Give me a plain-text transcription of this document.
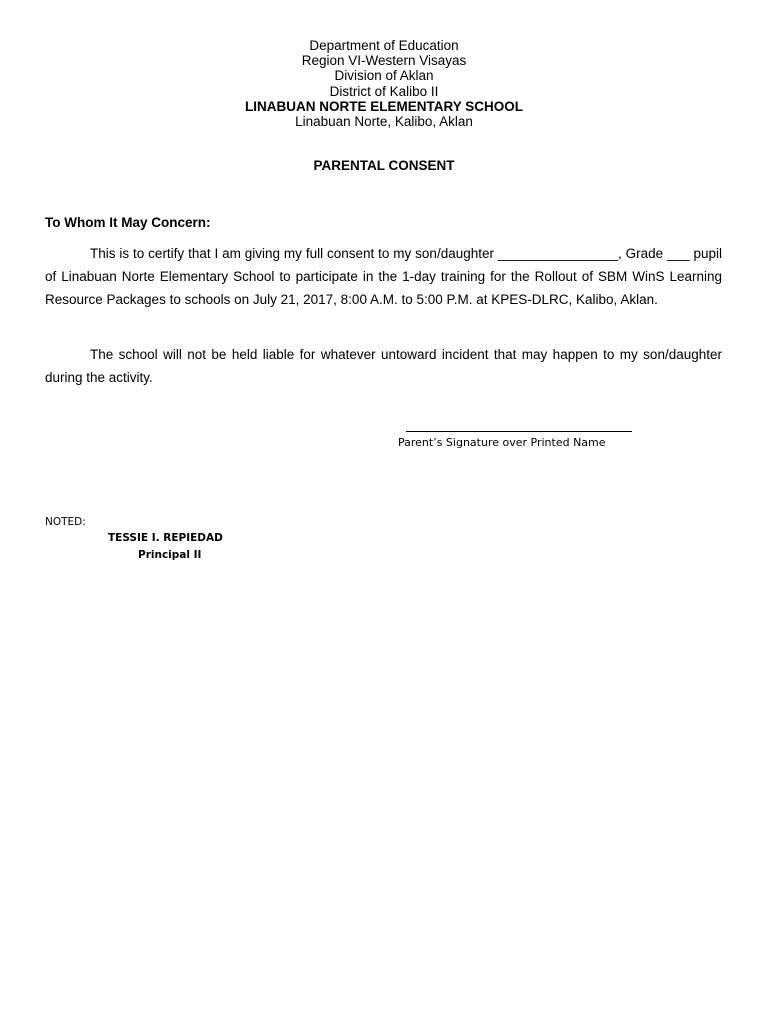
Department of Education
Region VI-Western Visayas
Division of Aklan
District of Kalibo II
LINABUAN NORTE ELEMENTARY SCHOOL
Linabuan Norte, Kalibo, Aklan
PARENTAL CONSENT
To Whom It May Concern:

This is to certify that I am giving my full consent to my son/daughter ________________, Grade ___ pupil of Linabuan Norte Elementary School to participate in the 1-day training for the Rollout of SBM WinS Learning Resource Packages to schools on July 21, 2017, 8:00 A.M. to 5:00 P.M. at KPES-DLRC, Kalibo, Aklan.

The school will not be held liable for whatever untoward incident that may happen to my son/daughter during the activity.

Parent’s Signature over Printed Name
NOTED:
TESSIE I. REPIEDAD
Principal II
